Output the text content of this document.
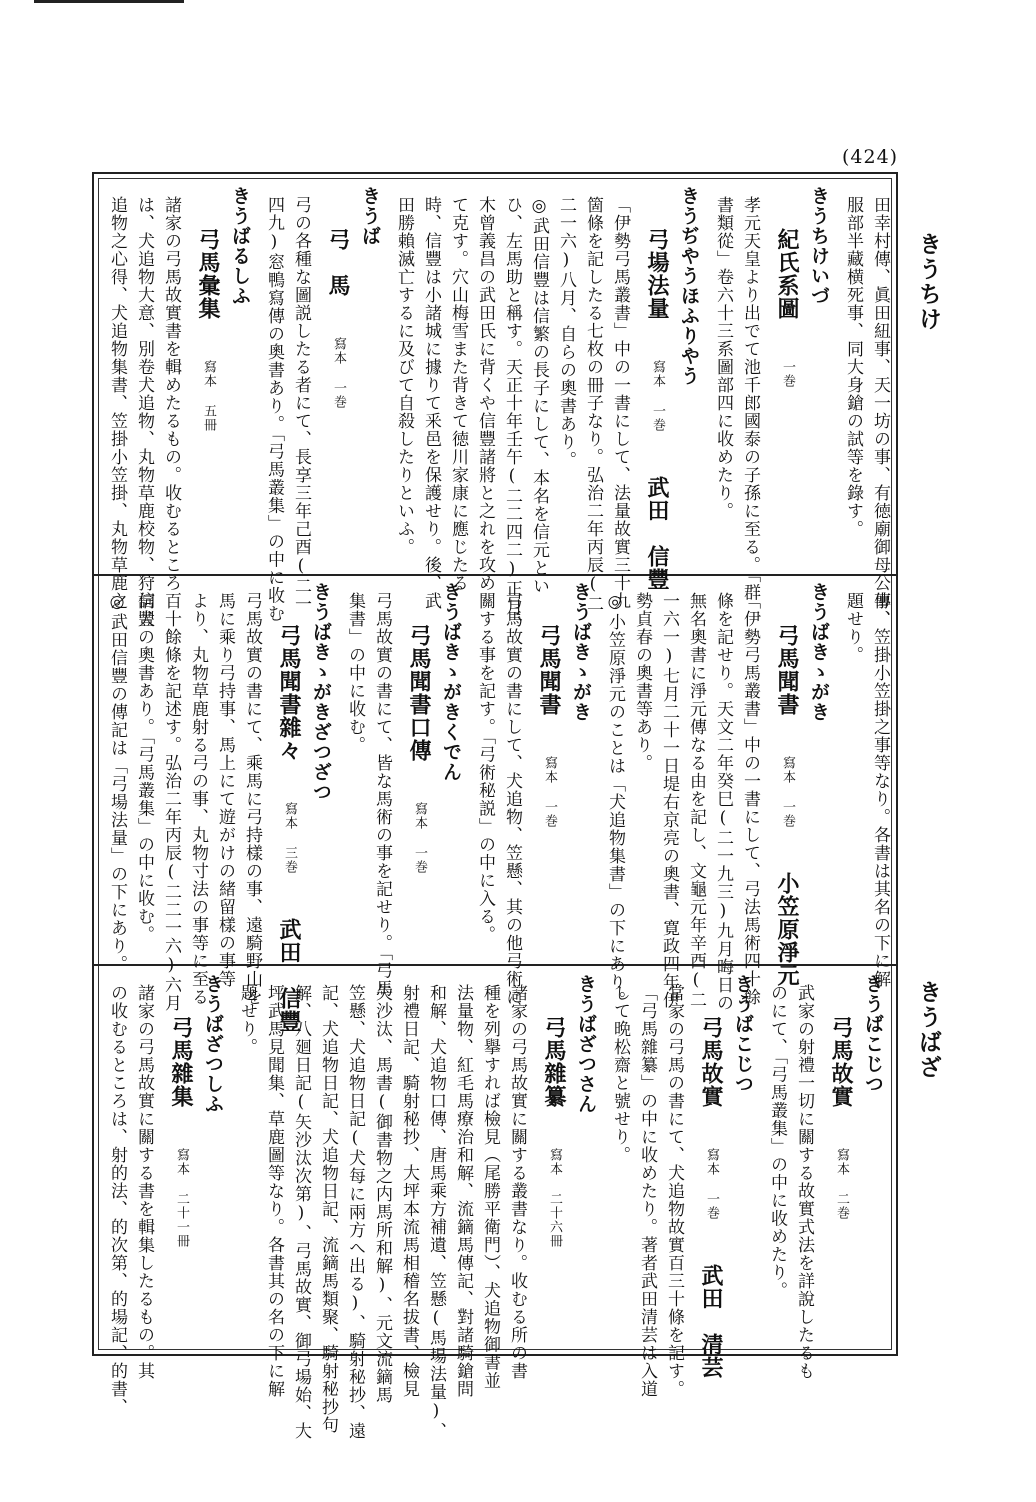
(424)
きうちけ
きうばざ
田幸村傳、眞田紐事、天一坊の事、有徳廟御母公傳、
服部半藏横死事、同大身鎗の試等を錄す。
きうちけいづ
紀氏系圖一巻
孝元天皇より出でて池千郎國泰の子孫に至る。「群
書類從」卷六十三系圖部四に收めたり。
きうぢやうほふりやう
弓場法量寫本 一巻武田　信豐
「伊勢弓馬叢書」中の一書にして、法量故實三十九
箇條を記したる七枚の冊子なり。弘治二年丙辰(二
二一六)八月、自らの奧書あり。
◎武田信豐は信繁の長子にして、本名を信元とい
ひ、左馬助と稱す。天正十年壬午(二二四二)正月、
木曾義昌の武田氏に背くや信豐諸將と之れを攻め
て克す。穴山梅雪また背きて徳川家康に應じたる
時、信豐は小諸城に據りて釆邑を保護せり。後、武
田勝賴滅亡するに及びて自殺したりといふ。
きうば
弓　馬寫本 一巻
弓の各種な圖説したる者にて、長享三年己酉(二一
四九)窓鴨寫傳の奧書あり。「弓馬叢集」の中に收む
きうばるしふ
弓馬彙集寫本 五冊
諸家の弓馬故實書を輯めたるもの。收むるところ
は、犬追物大意、別卷犬追物、丸物草鹿校物、狩詞犬
追物之心得、犬追物集書、笠掛小笠掛、丸物草鹿之
事、笠掛小笠掛之事等なり。各書は其名の下に解
題せり。
きうばきゝがき
弓馬聞書寫本 一巻小笠原淨元
「伊勢弓馬叢書」中の一書にして、弓法馬術四十餘
條を記せり。天文二年癸巳(二一九三)九月晦日の
無名奧書に淨元傳なる由を記し、文龜元年辛酉(二
一六一)七月二十一日堤右京亮の奧書、寛政四年伊
勢貞春の奧書等あり。
◎小笠原淨元のことは「犬追物集書」の下にあり。
きうばきゝがき
弓馬聞書寫本 一巻
弓馬故實の書にして、犬追物、笠懸、其の他弓術に
關する事を記す。「弓術秘説」の中に入る。
きうばきゝがきくでん
弓馬聞書口傳寫本 一巻
弓馬故實の書にて、皆な馬術の事を記せり。「弓馬
集書」の中に收む。
きうばきゝがきざつざつ
弓馬聞書雜々寫本 三巻武田　信豐
弓馬故實の書にて、乘馬に弓持樣の事、遠騎野山を
馬に乘り弓持事、馬上にて遊がけの緒留樣の事等
より、丸物草鹿射る弓の事、丸物寸法の事等に至る
百十餘條を記述す。弘治二年丙辰(二二一六)六月
信豐の奧書あり。「弓馬叢集」の中に收む。
◎武田信豐の傳記は「弓場法量」の下にあり。
きうばこじつ
弓馬故實寫本 二巻
武家の射禮一切に關する故實式法を詳說したるも
のにて、「弓馬叢集」の中に收めたり。
きうばこじつ
弓馬故實寫本 一巻武田　清芸
當家の弓馬の書にて、犬追物故實百三十條を記す。
「弓馬雜纂」の中に收めたり。著者武田清芸は入道
して晩松齋と號せり。
きうばざつさん
弓馬雜纂寫本 二十六冊
諸家の弓馬故實に關する叢書なり。收むる所の書
種を列擧すれば檢見（尾勝平衛門）、犬追物御書並
法量物、紅毛馬療治和解、流鏑馬傳記、對諸騎鎗問
和解、犬追物口傳、唐馬乘方補遺、笠懸(馬場法量)、
射禮日記、騎射秘抄、大坪本流馬相稽名拔書、檢見
矢沙汰、馬書(御書物之内馬所和解)、元文流鏑馬
笠懸、犬追物日記(犬每に兩方へ出る)、騎射秘抄、遠
記、犬追物日記、犬追物日記、流鏑馬類聚、騎射秘抄句
解、八廻日記(矢沙汰次第)、弓馬故實、御弓場始、大
坪武馬見聞集、草鹿圖等なり。各書其の名の下に解
題せり。
きうばざつしふ
弓馬雜集寫本 二十一冊
諸家の弓馬故實に關する書を輯集したるもの。其
の收むるところは、射的法、的次第、的場記、的書、
